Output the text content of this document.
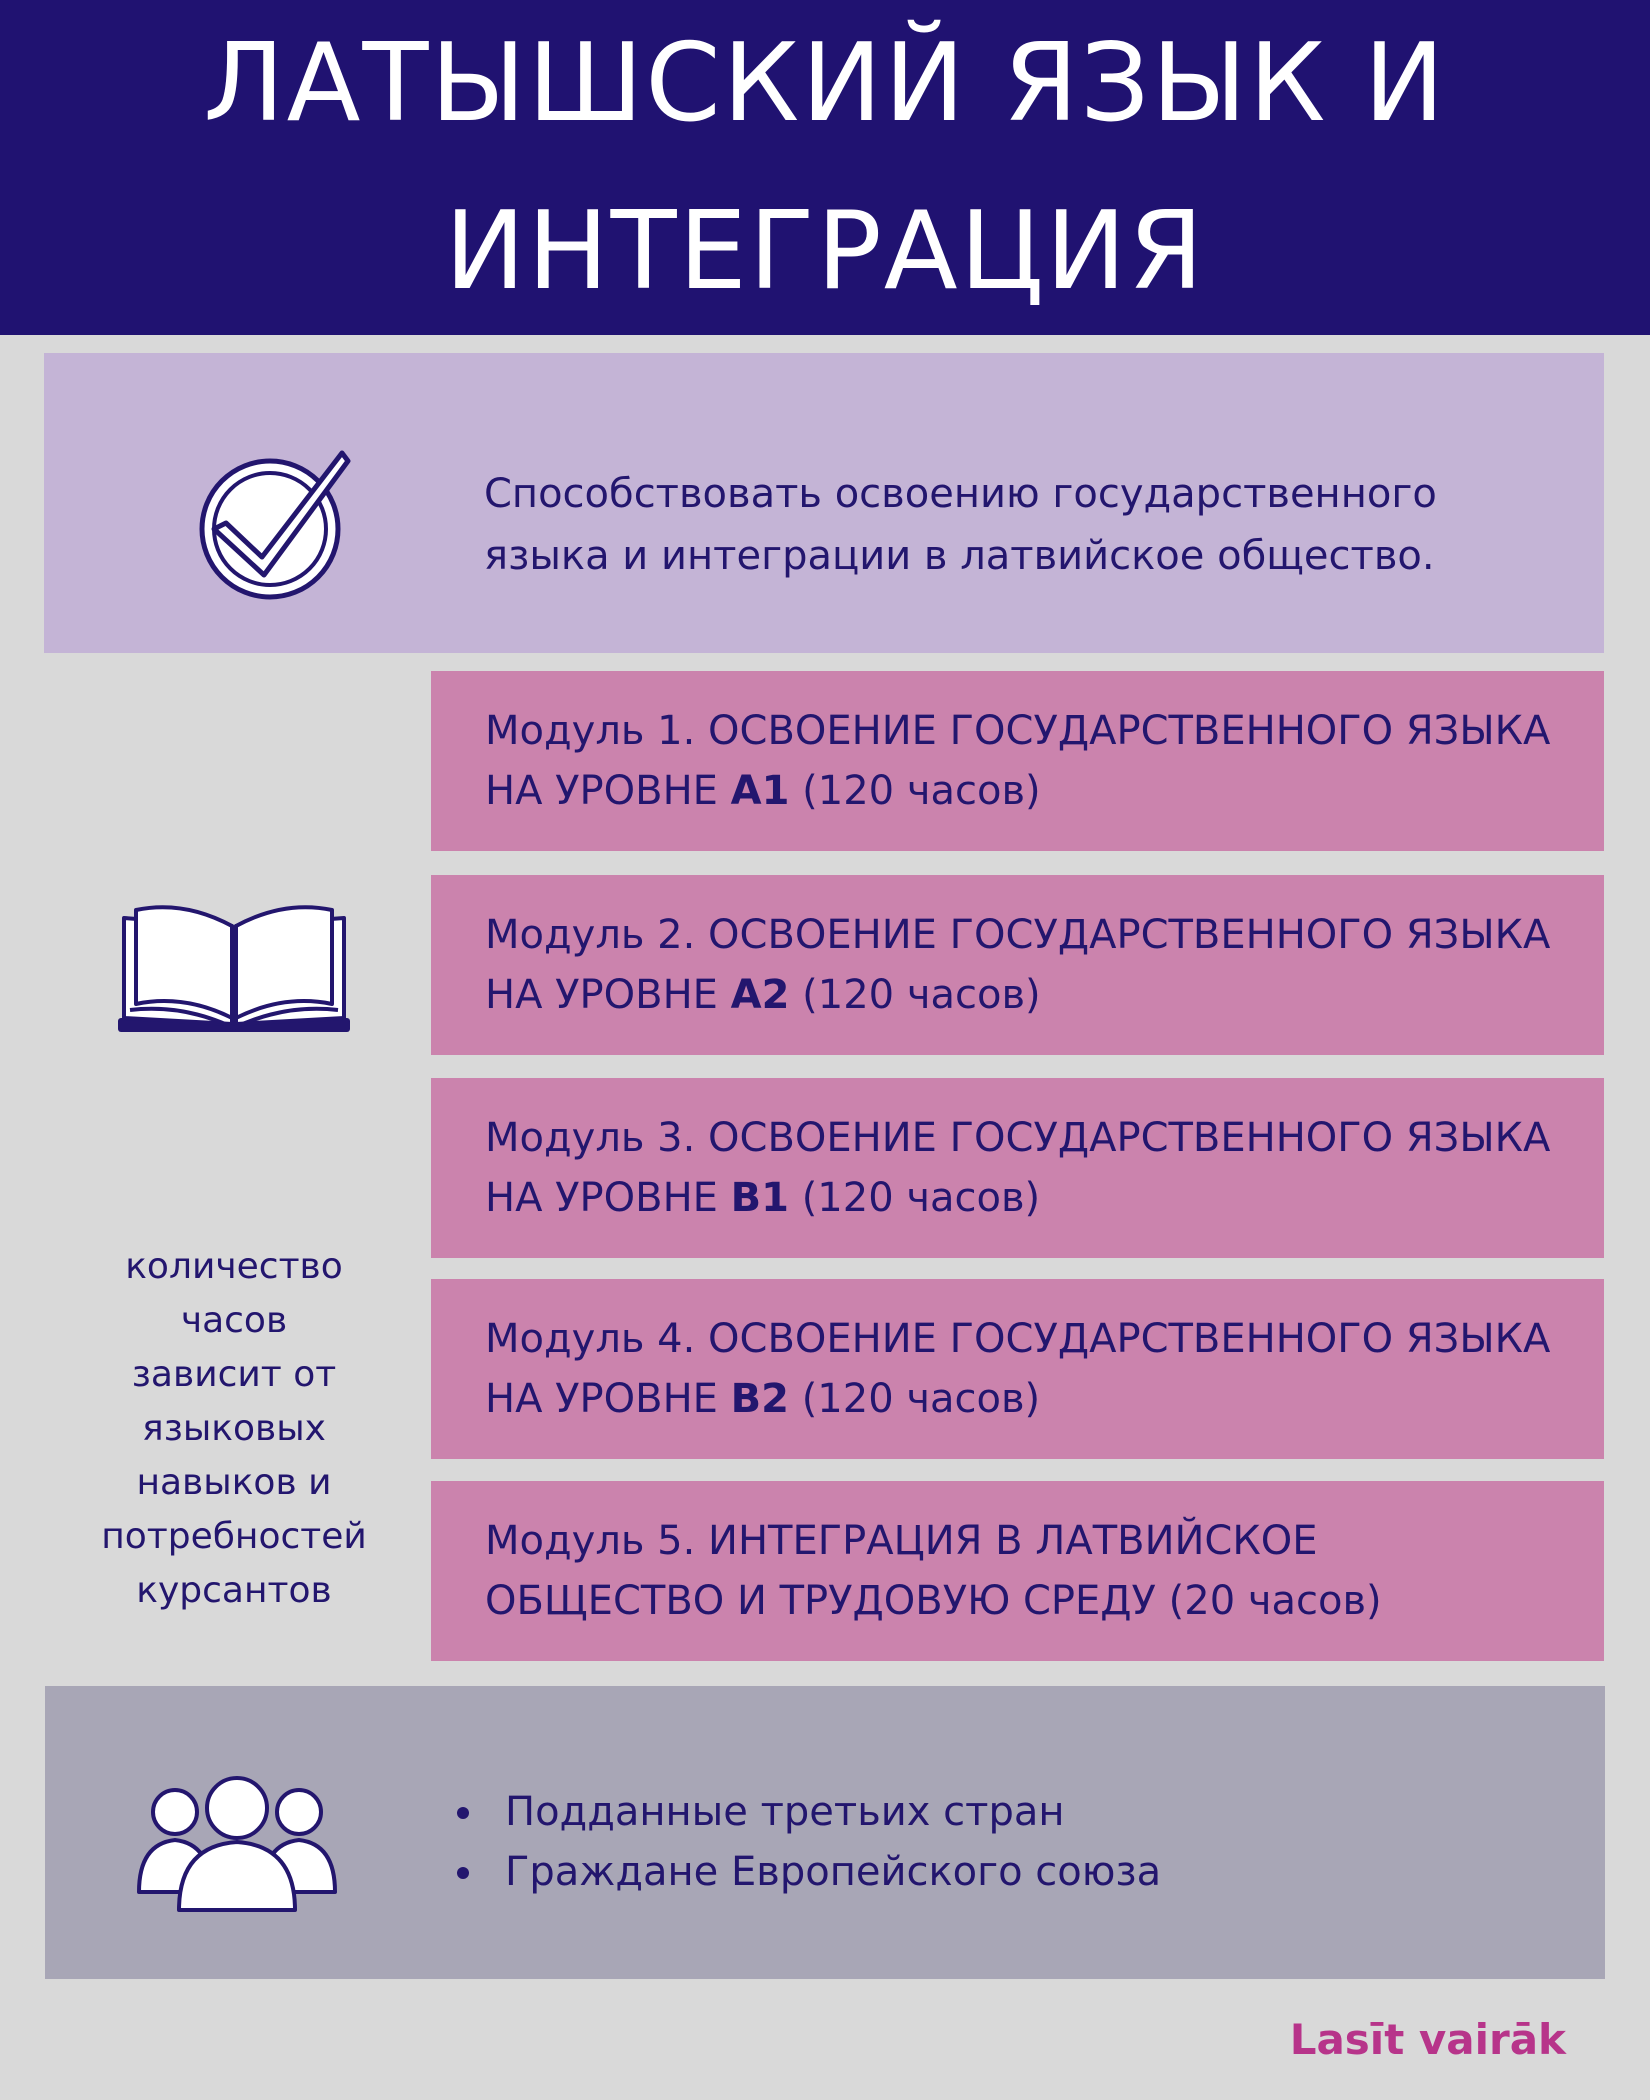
ЛАТЫШСКИЙ ЯЗЫК И
ИНТЕГРАЦИЯ
Способствовать освоению государственного
языка и интеграции в латвийское общество.
количество
часов
зависит от
языковых
навыков и
потребностей
курсантов
Модуль 1. ОСВОЕНИЕ ГОСУДАРСТВЕННОГО ЯЗЫКА
НА УРОВНЕ A1 (120 часов)
Модуль 2. ОСВОЕНИЕ ГОСУДАРСТВЕННОГО ЯЗЫКА
НА УРОВНЕ A2 (120 часов)
Модуль 3. ОСВОЕНИЕ ГОСУДАРСТВЕННОГО ЯЗЫКА
НА УРОВНЕ B1 (120 часов)
Модуль 4. ОСВОЕНИЕ ГОСУДАРСТВЕННОГО ЯЗЫКА
НА УРОВНЕ B2 (120 часов)
Модуль 5. ИНТЕГРАЦИЯ В ЛАТВИЙСКОЕ
ОБЩЕСТВО И ТРУДОВУЮ СРЕДУ (20 часов)
Подданные третьих стран
Граждане Европейского союза
Lasīt vairāk
